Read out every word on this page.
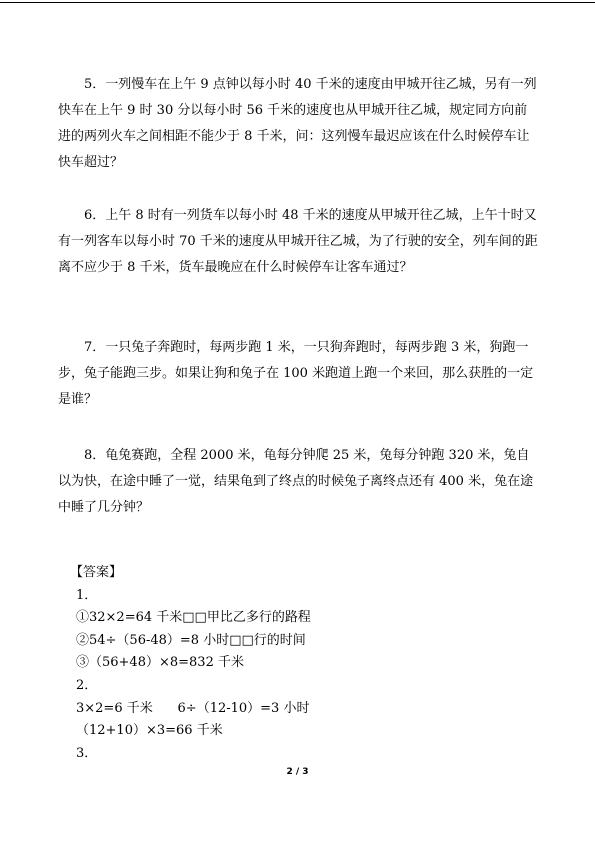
5．一列慢车在上午 9 点钟以每小时 40 千米的速度由甲城开往乙城，另有一列快车在上午 9 时 30 分以每小时 56 千米的速度也从甲城开往乙城，规定同方向前进的两列火车之间相距不能少于 8 千米，问：这列慢车最迟应该在什么时候停车让快车超过？

6．上午 8 时有一列货车以每小时 48 千米的速度从甲城开往乙城，上午十时又有一列客车以每小时 70 千米的速度从甲城开往乙城，为了行驶的安全，列车间的距离不应少于 8 千米，货车最晚应在什么时候停车让客车通过？

7．一只兔子奔跑时，每两步跑 1 米，一只狗奔跑时，每两步跑 3 米，狗跑一步，兔子能跑三步。如果让狗和兔子在 100 米跑道上跑一个来回，那么获胜的一定是谁？

8．龟兔赛跑，全程 2000 米，龟每分钟爬 25 米，兔每分钟跑 320 米，兔自以为快，在途中睡了一觉，结果龟到了终点的时候兔子离终点还有 400 米，兔在途中睡了几分钟？

【答案】
1．
①32×2=64 千米□□甲比乙多行的路程
②54÷（56-48）=8 小时□□行的时间
③（56+48）×8=832 千米
2．
3×2=6 千米      6÷（12-10）=3 小时
（12+10）×3=66 千米
3．
2 / 3
